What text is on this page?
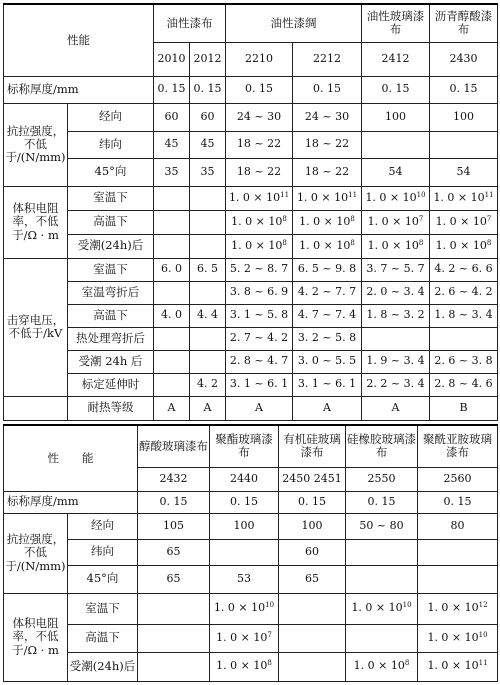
性能		油性漆布		油性漆绸		油性玻璃漆布	沥青醇酸漆布
		2010	2012	2210	2212	2412	2430
标称厚度/mm		0. 15	0. 15	0. 15	0. 15	0. 15	0. 15
抗拉强度，不低于/(N/mm)	经向	60	60	24 ~ 30	24 ~ 30	100	100
	纬向	45	45	18 ~ 22	18 ~ 22		
	45°向	35	35	18 ~ 22	18 ~ 22	54	54
体积电阻率，不低于/Ω · m	室温下			1. $0 \times 10^{11}$	1. $0 \times 10^{11}$	1. $0 \times 10^{10}$	1. $0 \times 10^{11}$
	高温下			1. $0 \times 10^8$	1. $0 \times 10^8$	1. $0 \times 10^7$	1. $0 \times 10^7$
	受潮(24h)后			1. $0 \times 10^8$	1. $0 \times 10^8$	1. $0 \times 10^8$	1. $0 \times 10^8$
击穿电压，不低于/kV	室温下	6. 0	6. 5	5. 2 ~ 8. 7	6. 5 ~ 9. 8	3. 7 ~ 5. 7	4. 2 ~ 6. 6
	室温弯折后			3. 8 ~ 6. 9	4. 2 ~ 7. 7	2. 0 ~ 3. 4	2. 6 ~ 4. 2
	高温下	4. 0	4. 4	3. 1 ~ 5. 8	4. 7 ~ 7. 4	1. 8 ~ 3. 2	1. 8 ~ 3. 4
	热处理弯折后			2. 7 ~ 4. 2	3. 2 ~ 5. 8		
	受潮 24h 后			2. 8 ~ 4. 7	3. 0 ~ 5. 5	1. 9 ~ 3. 4	2. 6 ~ 3. 8
	标定延伸时		4. 2	3. 1 ~ 6. 1	3. 1 ~ 6. 1	2. 2 ~ 3. 4	2. 8 ~ 4. 6
	耐热等级	A	A	A	A	A	B
性　　能		醇酸玻璃漆布	聚酯玻璃漆布	有机硅玻璃漆布	硅橡胶玻璃漆布	聚酰亚胺玻璃漆布
		2432	2440	2450 2451	2550	2560
标称厚度/mm		0. 15	0. 15	0. 15	0. 15	0. 15
抗拉强度，不低于/(N/mm)	经向	105	100	100	50 ~ 80	80
	纬向	65		60		
	45°向	65	53	65		
体积电阻率，不低于/Ω · m	室温下		1. $0 \times 10^{10}$		1. $0 \times 10^{10}$	1. $0 \times 10^{12}$
	高温下		1. $0 \times 10^7$			1. $0 \times 10^{10}$
	受潮(24h)后		1. $0 \times 10^8$		1. $0 \times 10^8$	1. $0 \times 10^{11}$
